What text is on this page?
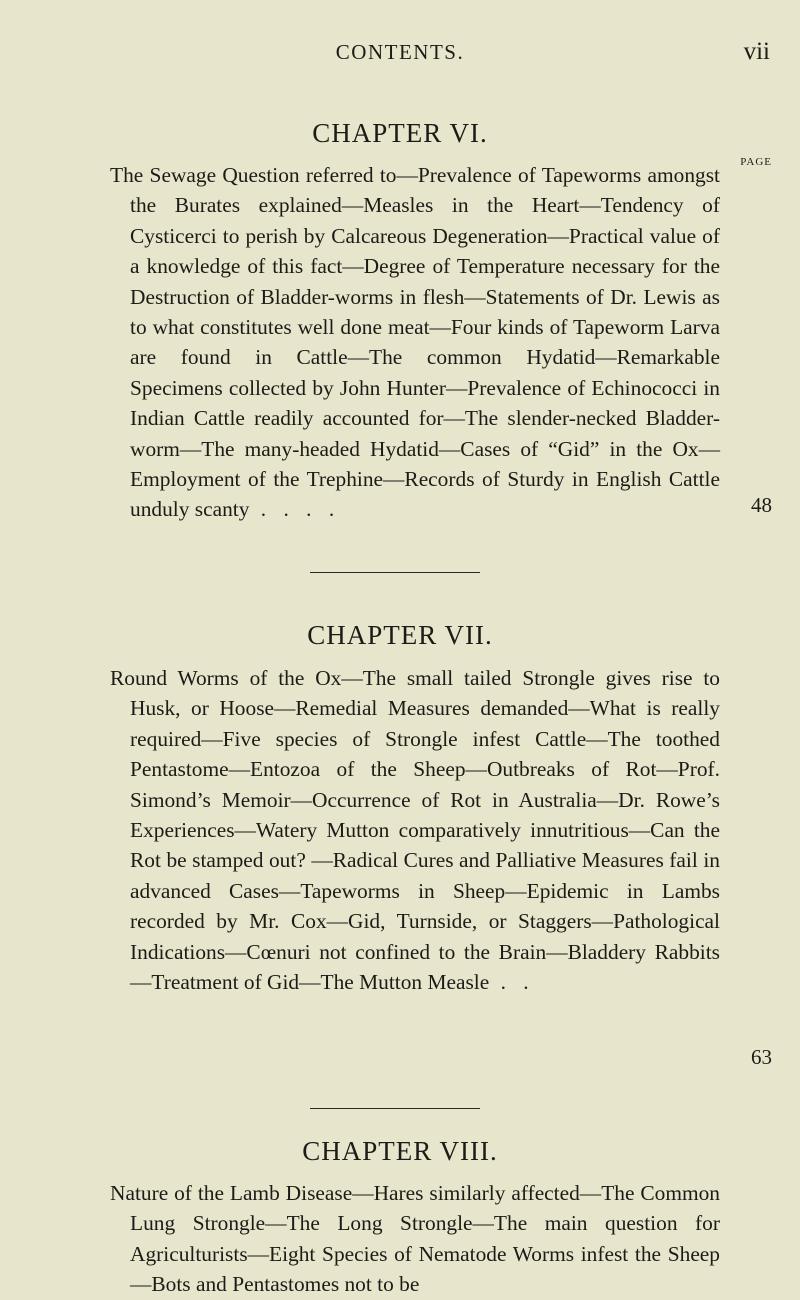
CONTENTS.	vii
CHAPTER VI.
PAGE
The Sewage Question referred to—Prevalence of Tapeworms amongst the Burates explained—Measles in the Heart—Tendency of Cysticerci to perish by Calcareous Degeneration—Practical value of a knowledge of this fact—Degree of Temperature necessary for the Destruction of Bladder-worms in flesh—Statements of Dr. Lewis as to what constitutes well done meat—Four kinds of Tapeworm Larva are found in Cattle—The common Hydatid—Remarkable Specimens collected by John Hunter—Prevalence of Echinococci in Indian Cattle readily accounted for—The slender-necked Bladder-worm—The many-headed Hydatid—Cases of “Gid” in the Ox—Employment of the Trephine—Records of Sturdy in English Cattle unduly scanty . . . .	48
CHAPTER VII.
Round Worms of the Ox—The small tailed Strongle gives rise to Husk, or Hoose—Remedial Measures demanded—What is really required—Five species of Strongle infest Cattle—The toothed Pentastome—Entozoa of the Sheep—Outbreaks of Rot—Prof. Simond’s Memoir—Occurrence of Rot in Australia—Dr. Rowe’s Experiences—Watery Mutton comparatively innutritious—Can the Rot be stamped out? —Radical Cures and Palliative Measures fail in advanced Cases—Tapeworms in Sheep—Epidemic in Lambs recorded by Mr. Cox—Gid, Turnside, or Staggers—Pathological Indications—Cœnuri not confined to the Brain—Bladdery Rabbits—Treatment of Gid—The Mutton Measle . .
63
CHAPTER VIII.
Nature of the Lamb Disease—Hares similarly affected—The Common Lung Strongle—The Long Strongle—The main question for Agriculturists—Eight Species of Nematode Worms infest the Sheep—Bots and Pentastomes not to be
